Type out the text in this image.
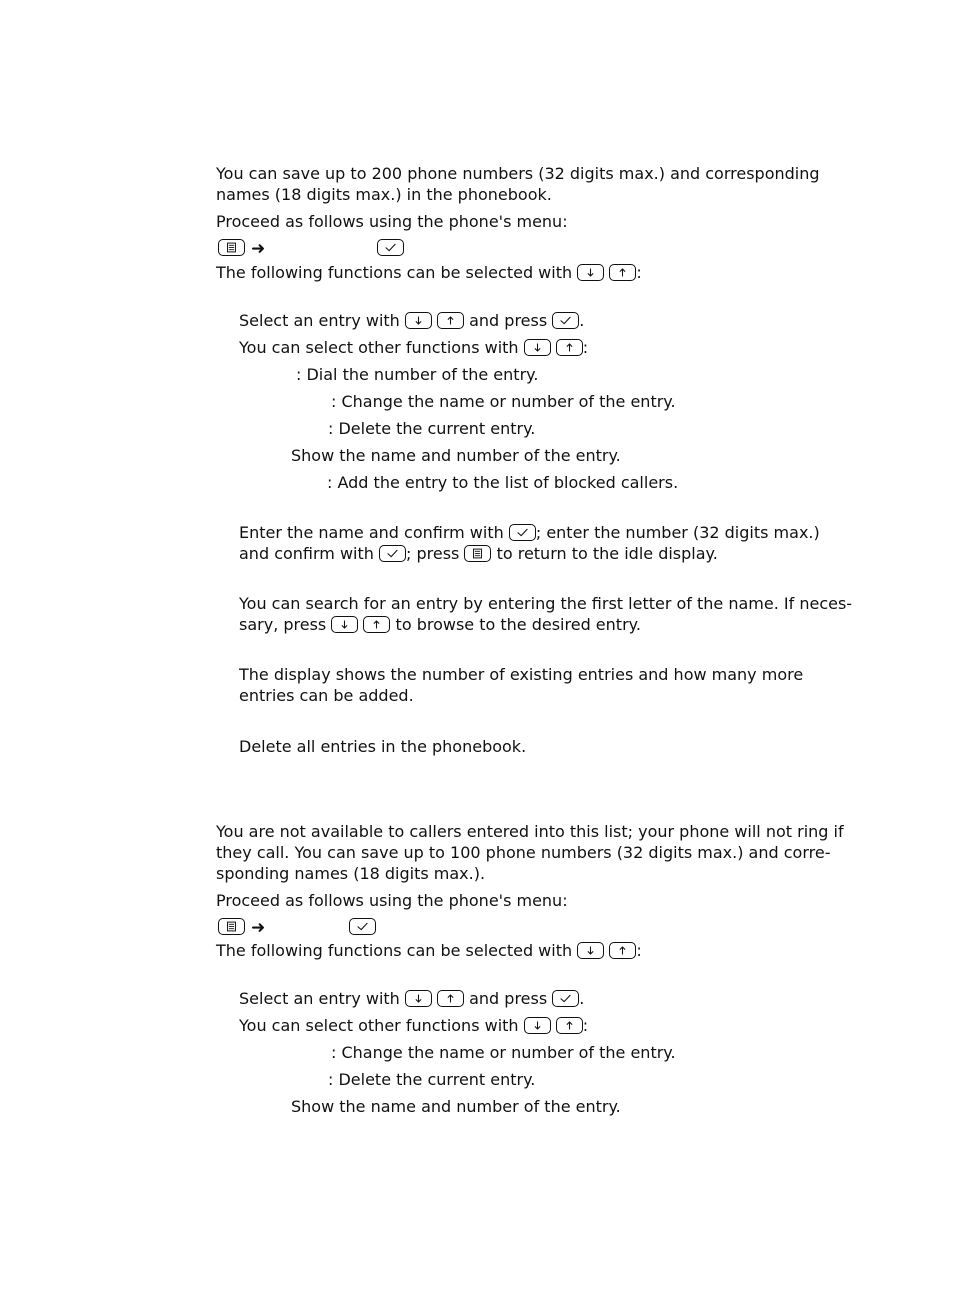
You can save up to 200 phone numbers (32 digits max.) and corresponding
names (18 digits max.) in the phonebook.
Proceed as follows using the phone's menu:
➜
The following functions can be selected with
	:
Select an entry with
	and press .
You can select other functions with
	:
: Dial the number of the entry.
: Change the name or number of the entry.
: Delete the current entry.
Show the name and number of the entry.
: Add the entry to the list of blocked callers.
Enter the name and confirm with ; enter the number (32 digits max.)
and confirm with ; press to return to the idle display.
You can search for an entry by entering the first letter of the name. If neces-
sary, press
	to browse to the desired entry.
The display shows the number of existing entries and how many more
entries can be added.
Delete all entries in the phonebook.
You are not available to callers entered into this list; your phone will not ring if
they call. You can save up to 100 phone numbers (32 digits max.) and corre-
sponding names (18 digits max.).
Proceed as follows using the phone's menu:
➜
The following functions can be selected with
	:
Select an entry with
	and press .
You can select other functions with
	:
: Change the name or number of the entry.
: Delete the current entry.
Show the name and number of the entry.
